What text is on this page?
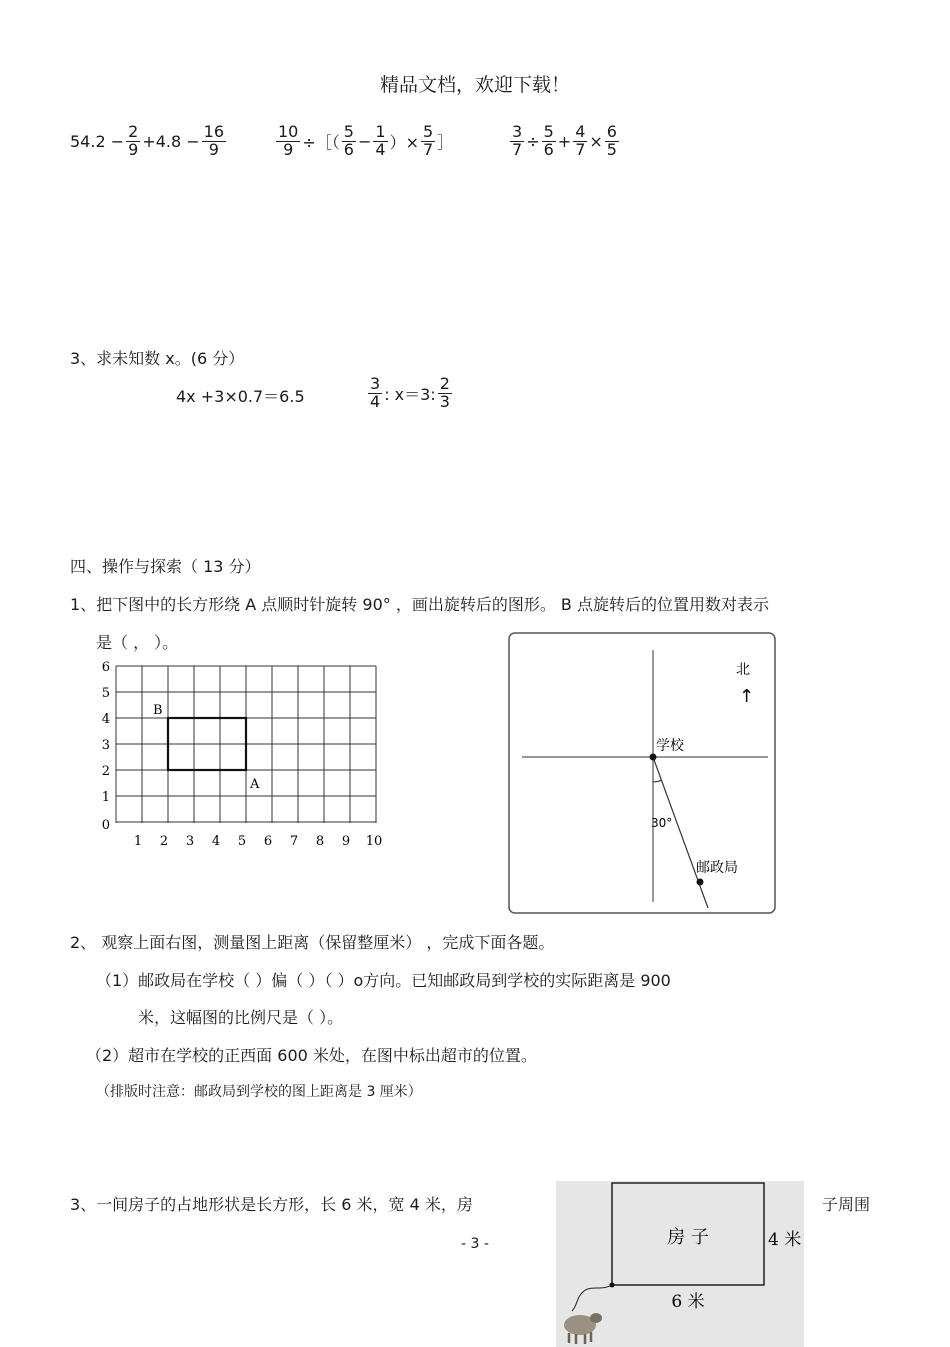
精品文档，欢迎下载！
$54.2 - \frac{2}{9} +4.8 - \frac{16}{9}$	$\frac{10}{9}$ ÷［（ $\frac{5}{6} - \frac{1}{4}$ ）× $\frac{5}{7}$ ］	$\frac{3}{7} \div \frac{5}{6} + \frac{4}{7} \times \frac{6}{5}$
3、求未知数 x。(6 分）
4x +3×0.7＝6.5	$\frac{3}{4}$ : x＝3: $\frac{2}{3}$
四、操作与探索（ 13 分）
1、把下图中的长方形绕 A 点顺时针旋转 90° ，画出旋转后的图形。 B 点旋转后的位置用数对表示
是（ ， ）。
6
5
4
3
2
1
0
1 2 3 4 5 6 7 8 9 10
B
A
学校
30°
邮政局
北
↑
2、 观察上面右图，测量图上距离（保留整厘米） ，完成下面各题。
（1）邮政局在学校（ ）偏（ ）（ ）o方向。已知邮政局到学校的实际距离是 900
米，这幅图的比例尺是（ ）。
（2）超市在学校的正西面 600 米处，在图中标出超市的位置。
（排版时注意：邮政局到学校的图上距离是 3 厘米）
3、一间房子的占地形状是长方形，长 6 米，宽 4 米，房	子周围
房 子	4 米
6 米
- 3 -
